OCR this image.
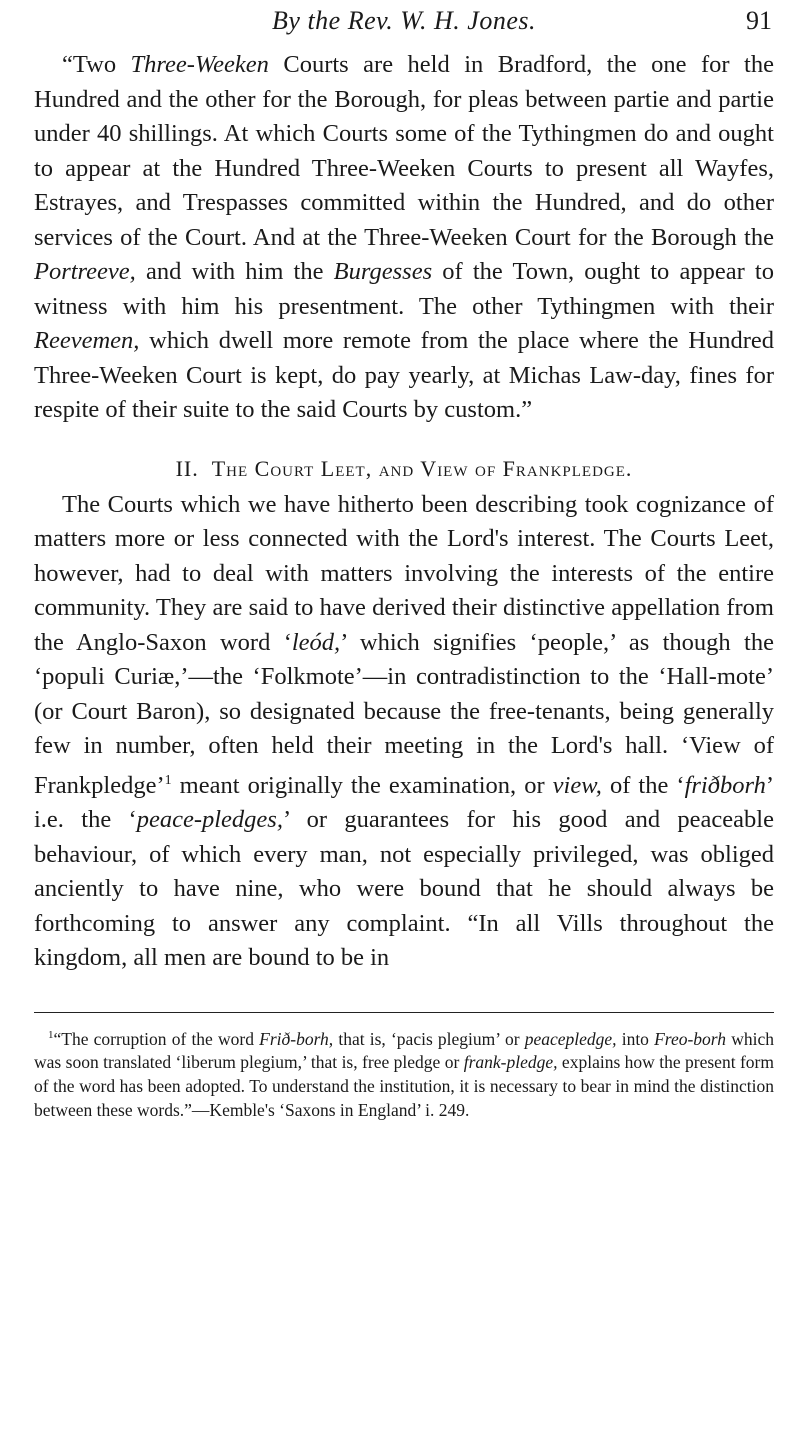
By the Rev. W. H. Jones.	91

“Two Three-Weeken Courts are held in Bradford, the one for the Hundred and the other for the Borough, for pleas between partie and partie under 40 shillings. At which Courts some of the Tythingmen do and ought to appear at the Hundred Three-Weeken Courts to present all Wayfes, Estrayes, and Trespasses committed within the Hundred, and do other services of the Court. And at the Three-Weeken Court for the Borough the Portreeve, and with him the Burgesses of the Town, ought to appear to witness with him his presentment. The other Tythingmen with their Reevemen, which dwell more remote from the place where the Hundred Three-Weeken Court is kept, do pay yearly, at Michas Law-day, fines for respite of their suite to the said Courts by custom.”

II. The Court Leet, and View of Frankpledge.

The Courts which we have hitherto been describing took cognizance of matters more or less connected with the Lord's interest. The Courts Leet, however, had to deal with matters involving the interests of the entire community. They are said to have derived their distinctive appellation from the Anglo-Saxon word ‘leód,’ which signifies ‘people,’ as though the ‘populi Curiæ,’—the ‘Folkmote’—in contradistinction to the ‘Hall-mote’ (or Court Baron), so designated because the free-tenants, being generally few in number, often held their meeting in the Lord's hall. ‘View of Frankpledge’$^1$ meant originally the examination, or view, of the ‘friðborh’ i.e. the ‘peace-pledges,’ or guarantees for his good and peaceable behaviour, of which every man, not especially privileged, was obliged anciently to have nine, who were bound that he should always be forthcoming to answer any complaint. “In all Vills throughout the kingdom, all men are bound to be in

$^1$“The corruption of the word Frið-borh, that is, ‘pacis plegium’ or peacepledge, into Freo-borh which was soon translated ‘liberum plegium,’ that is, free pledge or frank-pledge, explains how the present form of the word has been adopted. To understand the institution, it is necessary to bear in mind the distinction between these words.”—Kemble's ‘Saxons in England’ i. 249.
